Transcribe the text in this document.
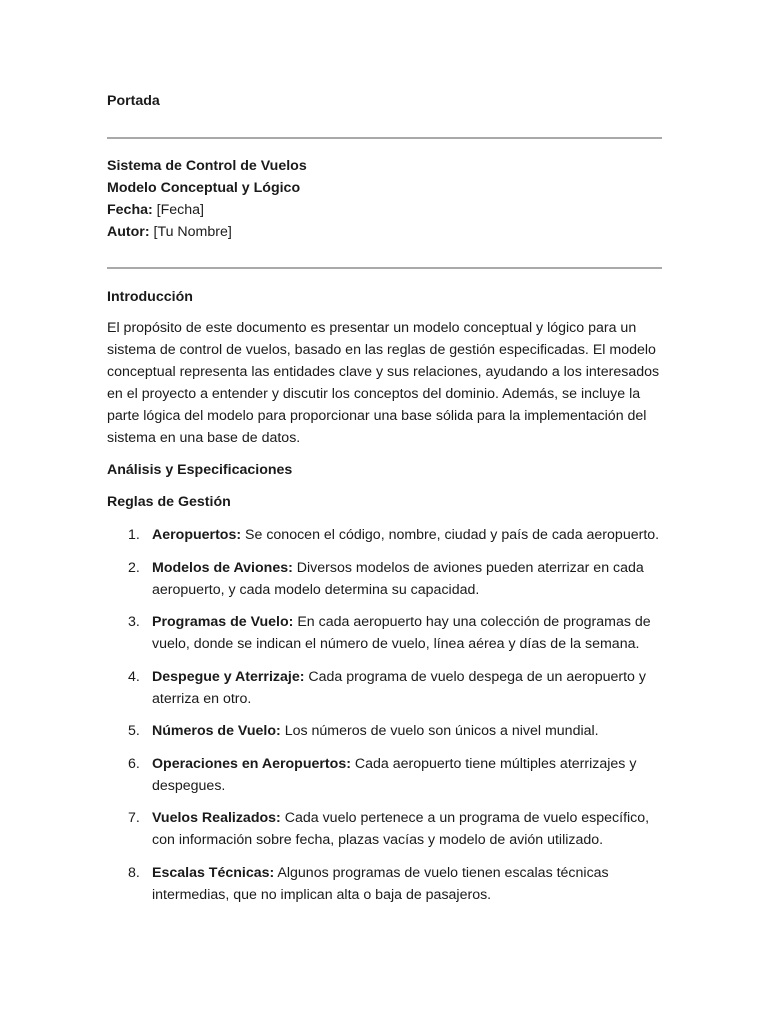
Portada

Sistema de Control de Vuelos

Modelo Conceptual y Lógico

Fecha: [Fecha]

Autor: [Tu Nombre]

Introducción

El propósito de este documento es presentar un modelo conceptual y lógico para un sistema de control de vuelos, basado en las reglas de gestión especificadas. El modelo conceptual representa las entidades clave y sus relaciones, ayudando a los interesados en el proyecto a entender y discutir los conceptos del dominio. Además, se incluye la parte lógica del modelo para proporcionar una base sólida para la implementación del sistema en una base de datos.

Análisis y Especificaciones

Reglas de Gestión

1. Aeropuertos: Se conocen el código, nombre, ciudad y país de cada aeropuerto.
2. Modelos de Aviones: Diversos modelos de aviones pueden aterrizar en cada aeropuerto, y cada modelo determina su capacidad.
3. Programas de Vuelo: En cada aeropuerto hay una colección de programas de vuelo, donde se indican el número de vuelo, línea aérea y días de la semana.
4. Despegue y Aterrizaje: Cada programa de vuelo despega de un aeropuerto y aterriza en otro.
5. Números de Vuelo: Los números de vuelo son únicos a nivel mundial.
6. Operaciones en Aeropuertos: Cada aeropuerto tiene múltiples aterrizajes y despegues.
7. Vuelos Realizados: Cada vuelo pertenece a un programa de vuelo específico, con información sobre fecha, plazas vacías y modelo de avión utilizado.
8. Escalas Técnicas: Algunos programas de vuelo tienen escalas técnicas intermedias, que no implican alta o baja de pasajeros.
